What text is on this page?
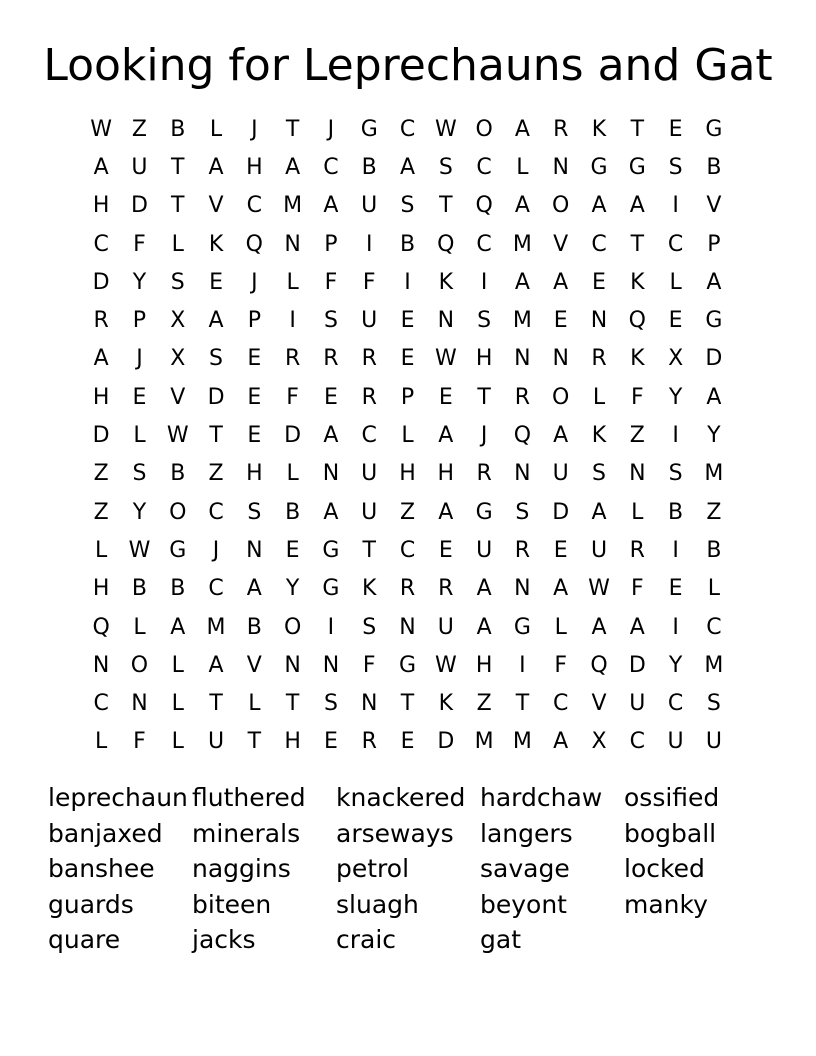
Looking for Leprechauns and Gat
W Z	B	L	J	T	J	G	C W O	A	R	K	T	E	G
A	U	T	A	H	A	C	B	A	S	C	L	N G G	S	B
H D	T	V	C M A	U	S	T	Q	A	O	A	A	I	V
C	F	L	K	Q N	P	I	B	Q C M V	C	T	C	P
D	Y	S	E	J	L	F	F	I	K	I	A	A	E	K	L	A
R	P	X	A	P	I	S	U	E	N	S M E	N Q	E	G
A	J	X	S	E	R	R	R	E W H N N	R	K	X	D
H	E	V	D	E	F	E	R	P	E	T	R O	L	F	Y	A
D	L W T	E	D	A	C	L	A	J	Q	A	K	Z	I	Y
Z	S	B	Z	H	L	N	U H H	R	N	U	S	N	S M
Z	Y	O C	S	B	A	U	Z	A	G	S	D	A	L	B	Z
L W G	J	N	E	G	T	C	E	U	R	E	U	R	I	B
H	B	B	C	A	Y	G	K	R	R	A	N	A W F	E	L
Q	L	A M B	O	I	S	N	U	A	G	L	A	A	I	C
N O	L	A	V	N N	F	G W H	I	F	Q D	Y	M
C	N	L	T	L	T	S	N	T	K	Z	T	C	V	U	C	S
L	F	L	U	T	H	E	R	E	D M M A	X	C	U	U
leprechaun fluthered	knackered hardchaw ossified
banjaxed	minerals	arseways	langers	bogball
banshee	naggins	petrol	savage	locked
guards	biteen	sluagh	beyont	manky
quare	jacks	craic	gat
